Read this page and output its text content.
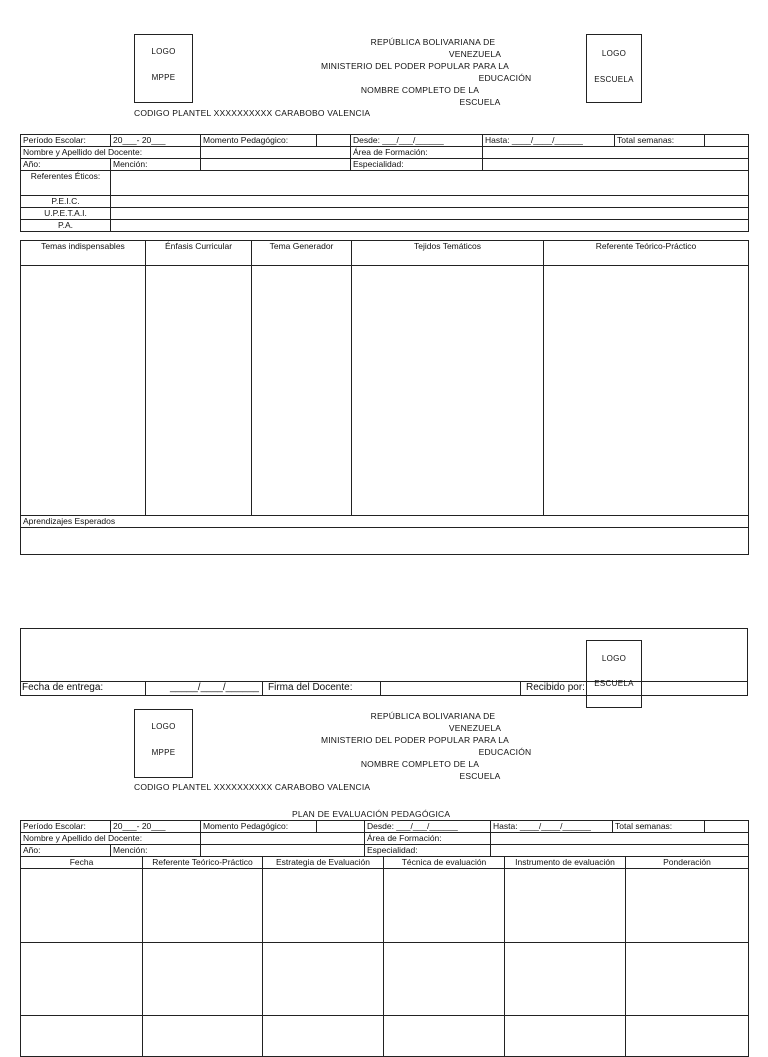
LOGO
MPPE
REPÚBLICA BOLIVARIANA DE
VENEZUELA
MINISTERIO DEL PODER POPULAR PARA LA
EDUCACIÓN
NOMBRE COMPLETO DE LA
ESCUELA
CODIGO PLANTEL XXXXXXXXXX CARABOBO VALENCIA
LOGO
ESCUELA
Período Escolar:	20___- 20___	Momento Pedagógico:		Desde: ___/___/______	Hasta: ____/____/______	Total semanas:	
Nombre y Apellido del Docente:				Área de Formación:			
Año:	Mención:			Especialidad:			
Referentes Éticos:							
P.E.I.C.							
U.P.E.T.A.I.							
P.A.							
Temas indispensables	Énfasis Curricular	Tema Generador	Tejidos Temáticos	Referente Teórico-Práctico

Aprendizajes Esperados				

Fecha de entrega:	_____/____/______ Firma del Docente:	Recibido por:
LOGO
ESCUELA
LOGO
MPPE
REPÚBLICA BOLIVARIANA DE
VENEZUELA
MINISTERIO DEL PODER POPULAR PARA LA
EDUCACIÓN
NOMBRE COMPLETO DE LA
ESCUELA
CODIGO PLANTEL XXXXXXXXXX CARABOBO VALENCIA
PLAN DE EVALUACIÓN PEDAGÓGICA
Período Escolar:	20___- 20___	Momento Pedagógico:		Desde: ___/___/______	Hasta: ____/____/______	Total semanas:	
Nombre y Apellido del Docente:				Área de Formación:			
Año:	Mención:			Especialidad:			
Fecha	Referente Teórico-Práctico	Estrategia de Evaluación	Técnica de evaluación	Instrumento de evaluación	Ponderación
